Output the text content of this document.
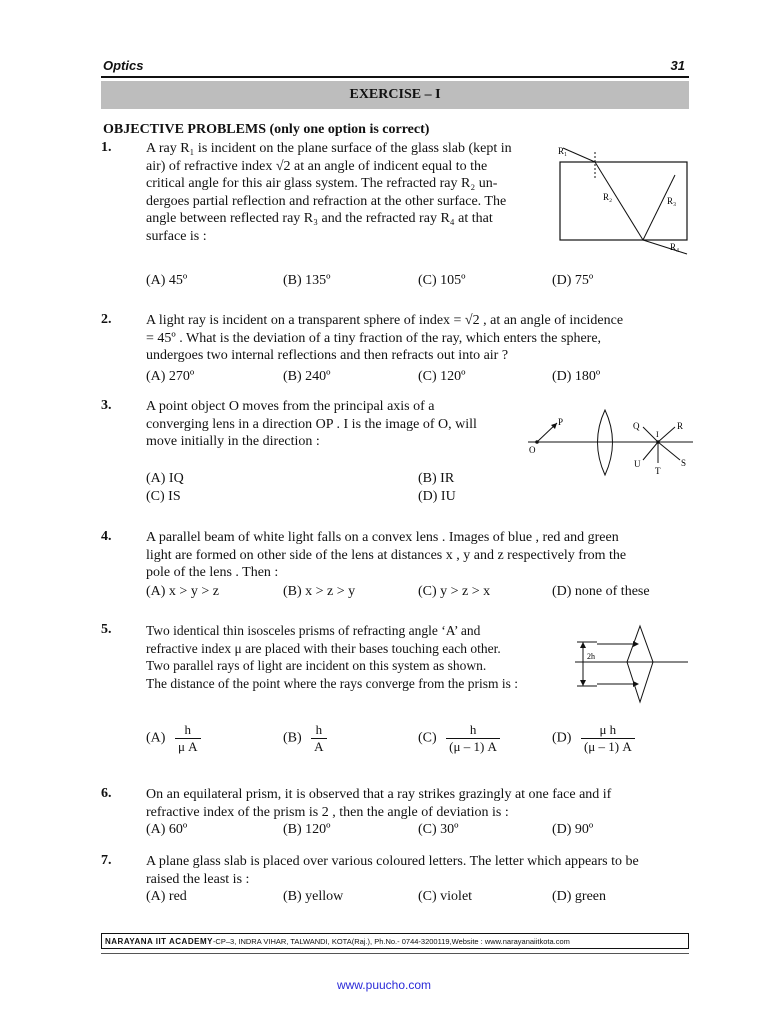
Optics	31
EXERCISE – I
OBJECTIVE PROBLEMS (only one option is correct)
1.	A ray R₁ is incident on the plane surface of the glass slab (kept in
air) of refractive index √2 at an angle of indicent equal to the
critical angle for this air glass system. The refracted ray R₂ un-
dergoes partial reflection and refraction at the other surface. The
angle between reflected ray R₃ and the refracted ray R₄ at that
surface is :
R₁
R₂	R₃
R₄
(A) 45º	(B) 135º	(C) 105º	(D) 75º
2.	A light ray is incident on a transparent sphere of index = √2 , at an angle of incidence
= 45º . What is the deviation of a tiny fraction of the ray, which enters the sphere,
undergoes two internal reflections and then refracts out into air ?
(A) 270º	(B) 240º	(C) 120º	(D) 180º
3.	A point object O moves from the principal axis of a
converging lens in a direction OP . I is the image of O, will
move initially in the direction :
P
O
Q
I
R
U
T
S
(A) IQ	(B) IR
(C) IS	(D) IU
4.	A parallel beam of white light falls on a convex lens . Images of blue , red and green
light are formed on other side of the lens at distances x , y and z respectively from the
pole of the lens . Then :
(A) x > y > z	(B) x > z > y	(C) y > z > x	(D) none of these
5.	Two identical thin isosceles prisms of refracting angle ‘A’ and
refractive index μ are placed with their bases touching each other.
Two parallel rays of light are incident on this system as shown.
The distance of the point where the rays converge from the prism is :
2h
$(A) \frac{h}{\text{μ A}}$	$(B) \frac{h}{A}$	$(C) \frac{h}{(\mu - 1) A}$	$(D) \frac{\text{μ h}}{(\mu - 1) A}$
6.	On an equilateral prism, it is observed that a ray strikes grazingly at one face and if
refractive index of the prism is 2 , then the angle of deviation is :
(A) 60º	(B) 120º	(C) 30º	(D) 90º
7.	A plane glass slab is placed over various coloured letters. The letter which appears to be
raised the least is :
(A) red	(B) yellow	(C) violet	(D) green
NARAYANA IIT ACADEMY-CP–3, INDRA VIHAR, TALWANDI, KOTA(Raj.), Ph.No.- 0744-3200119,Website : www.narayanaiitkota.com
www.puucho.com
